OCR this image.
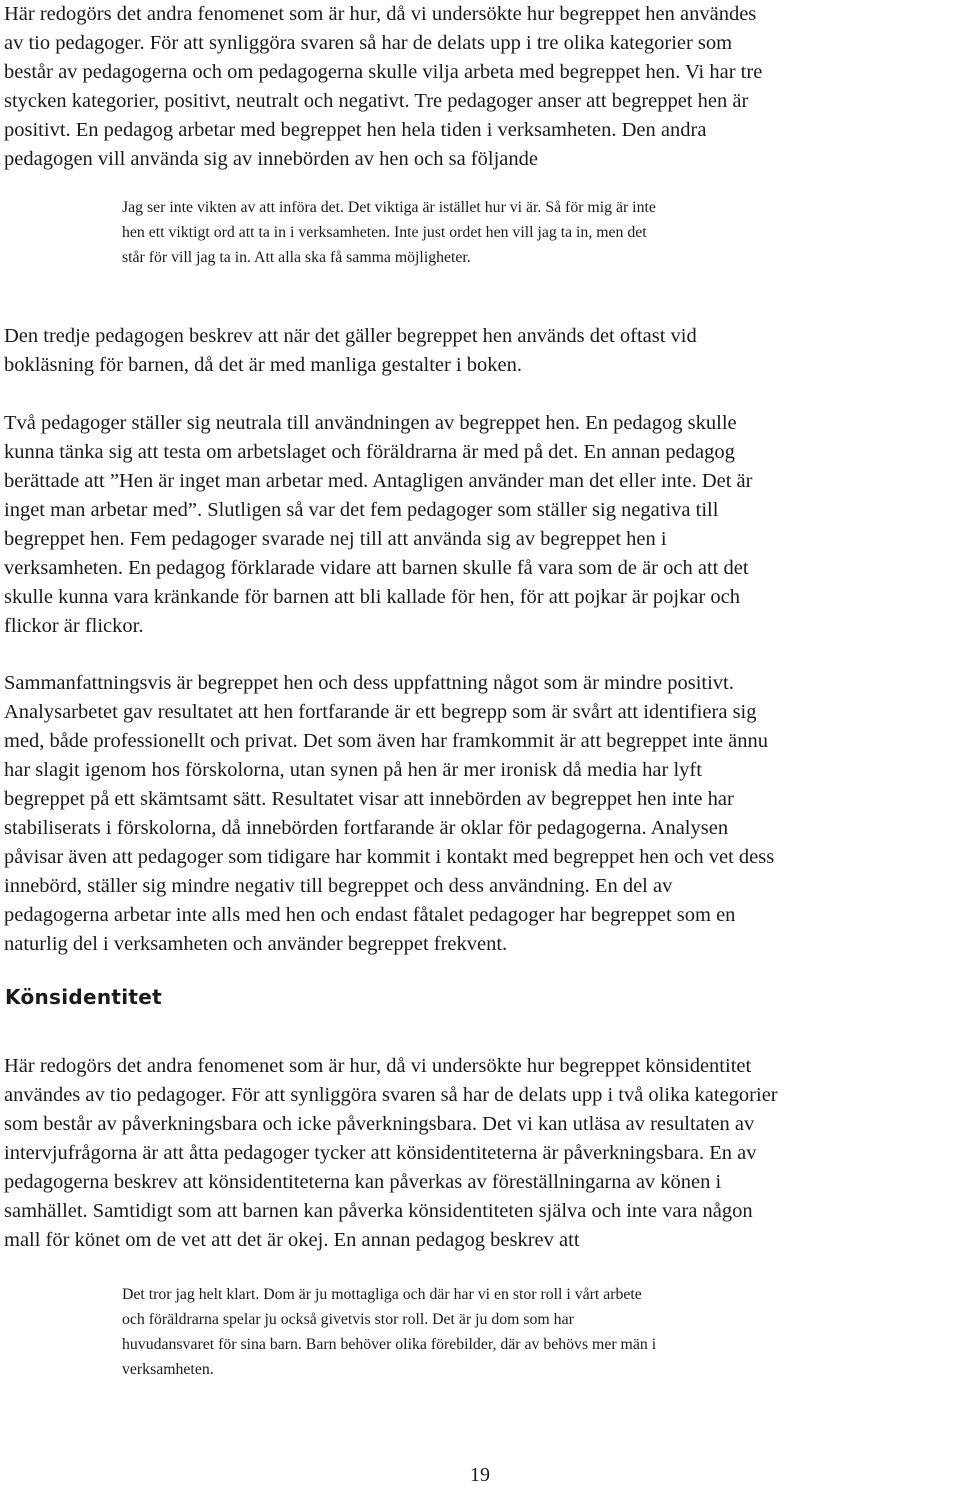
Här redogörs det andra fenomenet som är hur, då vi undersökte hur begreppet hen användes
av tio pedagoger. För att synliggöra svaren så har de delats upp i tre olika kategorier som
består av pedagogerna och om pedagogerna skulle vilja arbeta med begreppet hen. Vi har tre
stycken kategorier, positivt, neutralt och negativt. Tre pedagoger anser att begreppet hen är
positivt. En pedagog arbetar med begreppet hen hela tiden i verksamheten. Den andra
pedagogen vill använda sig av innebörden av hen och sa följande
Jag ser inte vikten av att införa det. Det viktiga är istället hur vi är. Så för mig är inte
hen ett viktigt ord att ta in i verksamheten. Inte just ordet hen vill jag ta in, men det
står för vill jag ta in. Att alla ska få samma möjligheter.
Den tredje pedagogen beskrev att när det gäller begreppet hen används det oftast vid
bokläsning för barnen, då det är med manliga gestalter i boken.
Två pedagoger ställer sig neutrala till användningen av begreppet hen. En pedagog skulle
kunna tänka sig att testa om arbetslaget och föräldrarna är med på det. En annan pedagog
berättade att ”Hen är inget man arbetar med. Antagligen använder man det eller inte. Det är
inget man arbetar med”. Slutligen så var det fem pedagoger som ställer sig negativa till
begreppet hen. Fem pedagoger svarade nej till att använda sig av begreppet hen i
verksamheten. En pedagog förklarade vidare att barnen skulle få vara som de är och att det
skulle kunna vara kränkande för barnen att bli kallade för hen, för att pojkar är pojkar och
flickor är flickor.
Sammanfattningsvis är begreppet hen och dess uppfattning något som är mindre positivt.
Analysarbetet gav resultatet att hen fortfarande är ett begrepp som är svårt att identifiera sig
med, både professionellt och privat. Det som även har framkommit är att begreppet inte ännu
har slagit igenom hos förskolorna, utan synen på hen är mer ironisk då media har lyft
begreppet på ett skämtsamt sätt. Resultatet visar att innebörden av begreppet hen inte har
stabiliserats i förskolorna, då innebörden fortfarande är oklar för pedagogerna. Analysen
påvisar även att pedagoger som tidigare har kommit i kontakt med begreppet hen och vet dess
innebörd, ställer sig mindre negativ till begreppet och dess användning. En del av
pedagogerna arbetar inte alls med hen och endast fåtalet pedagoger har begreppet som en
naturlig del i verksamheten och använder begreppet frekvent.
Könsidentitet
Här redogörs det andra fenomenet som är hur, då vi undersökte hur begreppet könsidentitet
användes av tio pedagoger. För att synliggöra svaren så har de delats upp i två olika kategorier
som består av påverkningsbara och icke påverkningsbara. Det vi kan utläsa av resultaten av
intervjufrågorna är att åtta pedagoger tycker att könsidentiteterna är påverkningsbara. En av
pedagogerna beskrev att könsidentiteterna kan påverkas av föreställningarna av könen i
samhället. Samtidigt som att barnen kan påverka könsidentiteten själva och inte vara någon
mall för könet om de vet att det är okej. En annan pedagog beskrev att
Det tror jag helt klart. Dom är ju mottagliga och där har vi en stor roll i vårt arbete
och föräldrarna spelar ju också givetvis stor roll. Det är ju dom som har
huvudansvaret för sina barn. Barn behöver olika förebilder, där av behövs mer män i
verksamheten.
19
